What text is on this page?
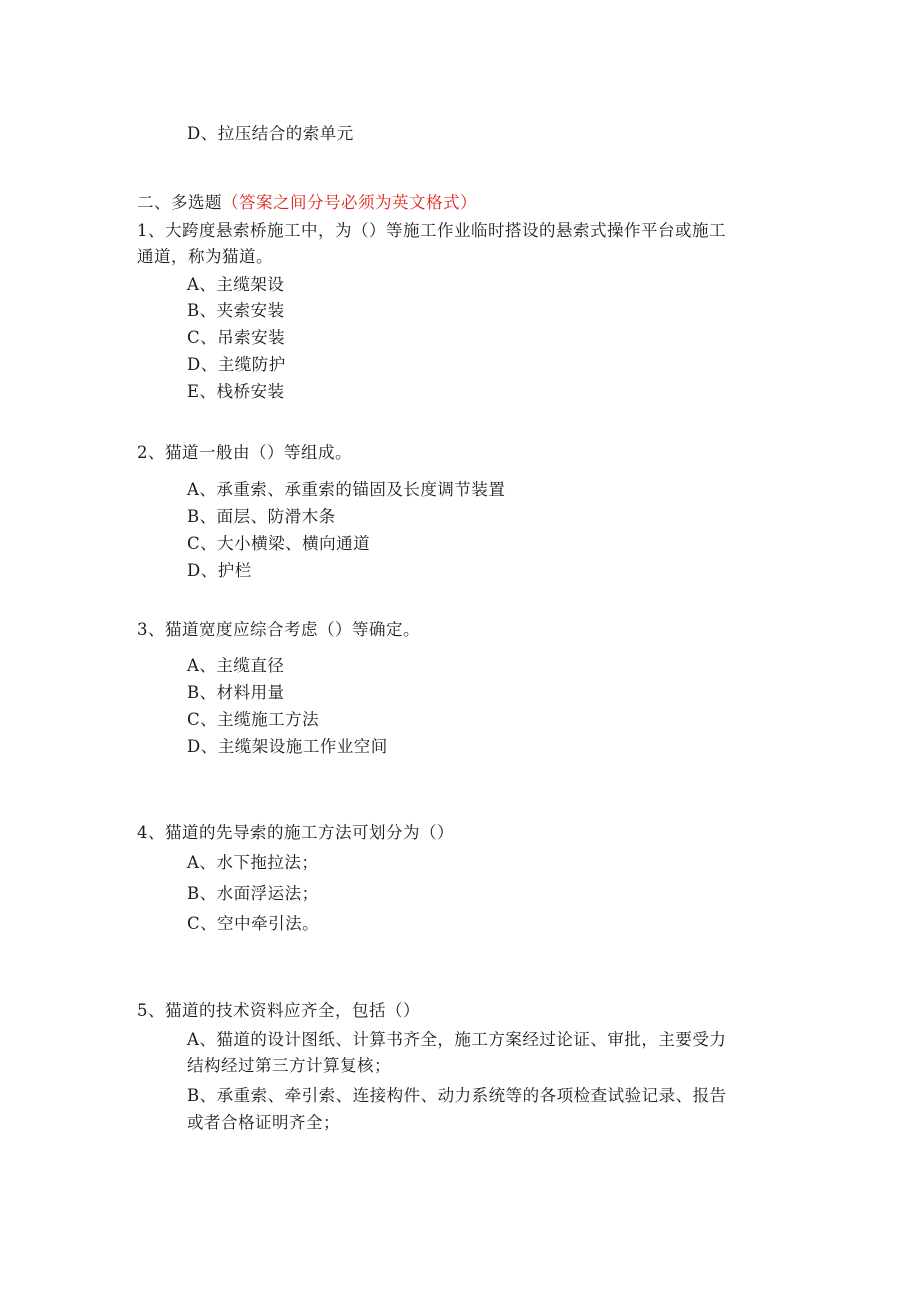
D、拉压结合的索单元
二、多选题（答案之间分号必须为英文格式）
1、大跨度悬索桥施工中，为（）等施工作业临时搭设的悬索式操作平台或施工
通道，称为猫道。
A、主缆架设
B、夹索安装
C、吊索安装
D、主缆防护
E、栈桥安装
2、猫道一般由（）等组成。
A、承重索、承重索的锚固及长度调节装置
B、面层、防滑木条
C、大小横梁、横向通道
D、护栏
3、猫道宽度应综合考虑（）等确定。
A、主缆直径
B、材料用量
C、主缆施工方法
D、主缆架设施工作业空间
4、猫道的先导索的施工方法可划分为（）
A、水下拖拉法；
B、水面浮运法；
C、空中牵引法。
5、猫道的技术资料应齐全，包括（）
A、猫道的设计图纸、计算书齐全，施工方案经过论证、审批，主要受力
结构经过第三方计算复核；
B、承重索、牵引索、连接构件、动力系统等的各项检查试验记录、报告
或者合格证明齐全；
